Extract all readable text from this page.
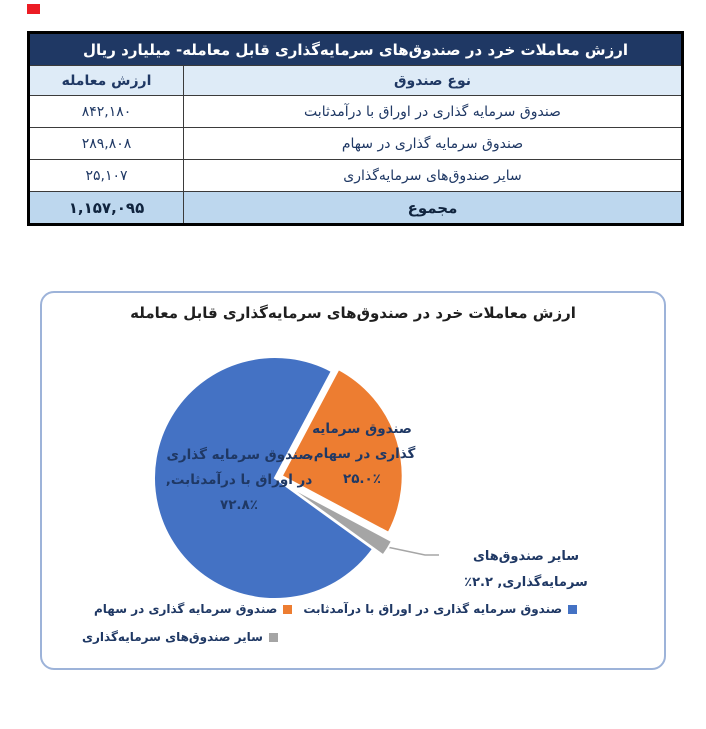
ارزش معاملات خرد در صندوق‌های سرمایه‌گذاری قابل معامله- میلیارد ریال	
نوع صندوق	ارزش معامله
صندوق سرمایه گذاری در اوراق با درآمدثابت	۸۴۲,۱۸۰
صندوق سرمایه گذاری در سهام	۲۸۹,۸۰۸
سایر صندوق‌های سرمایه‌گذاری	۲۵,۱۰۷
مجموع	۱,۱۵۷,۰۹۵
ارزش معاملات خرد در صندوق‌های سرمایه‌گذاری قابل معامله
صندوق سرمایه گذاری
در اوراق با درآمدثابت,
۷۲.۸٪
صندوق سرمایه
گذاری در سهام,
۲۵.۰٪
سایر صندوق‌های
سرمایه‌گذاری, ۲.۲٪
صندوق سرمایه گذاری در سهام صندوق سرمایه گذاری در اوراق با درآمدثابت
سایر صندوق‌های سرمایه‌گذاری
